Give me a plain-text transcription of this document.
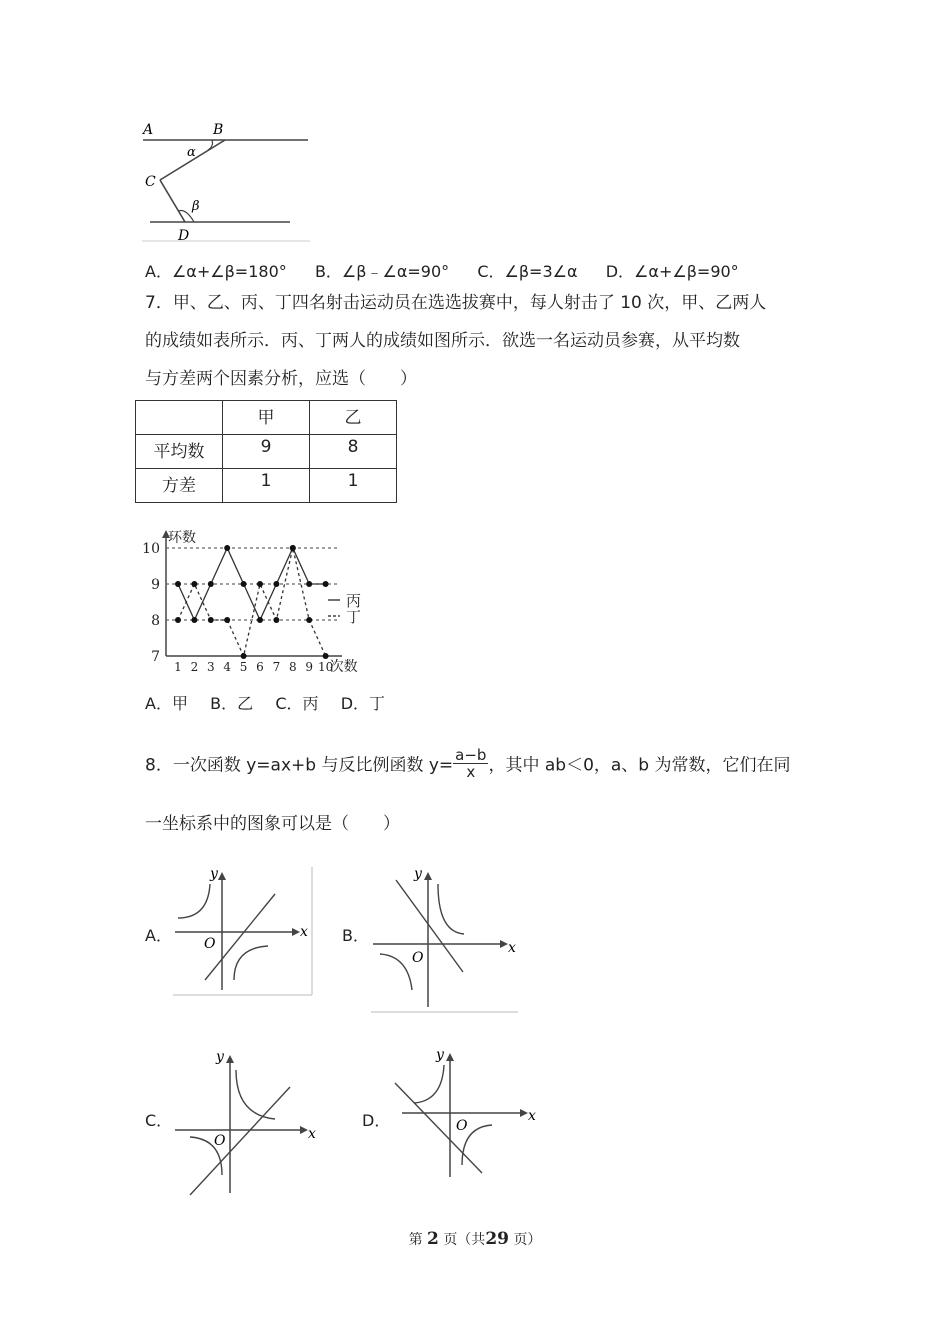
A	B
α
C
β
D
A．∠α+∠β=180° B．∠β﹣∠α=90° C．∠β=3∠α D．∠α+∠β=90°
7．甲、乙、丙、丁四名射击运动员在选选拔赛中，每人射击了 10 次，甲、乙两人
的成绩如表所示．丙、丁两人的成绩如图所示．欲选一名运动员参赛，从平均数
与方差两个因素分析，应选（　　）
	甲	乙
平均数	9	8
方差	1	1
7
8
9
10
1 2 3 4 5 6 7 8 9 10
环数
次数
丙
丁
A．甲 B．乙 C．丙 D．丁
8．一次函数 y=ax+b 与反比例函数 $y= \frac{a-b}{x}$ ，其中 ab＜0，a、b 为常数，它们在同
一坐标系中的图象可以是（　　）
A．	B．
C．	D．
y
x
O
y
x
O
y
x
O
y
x
O
第 2 页（共29 页）
